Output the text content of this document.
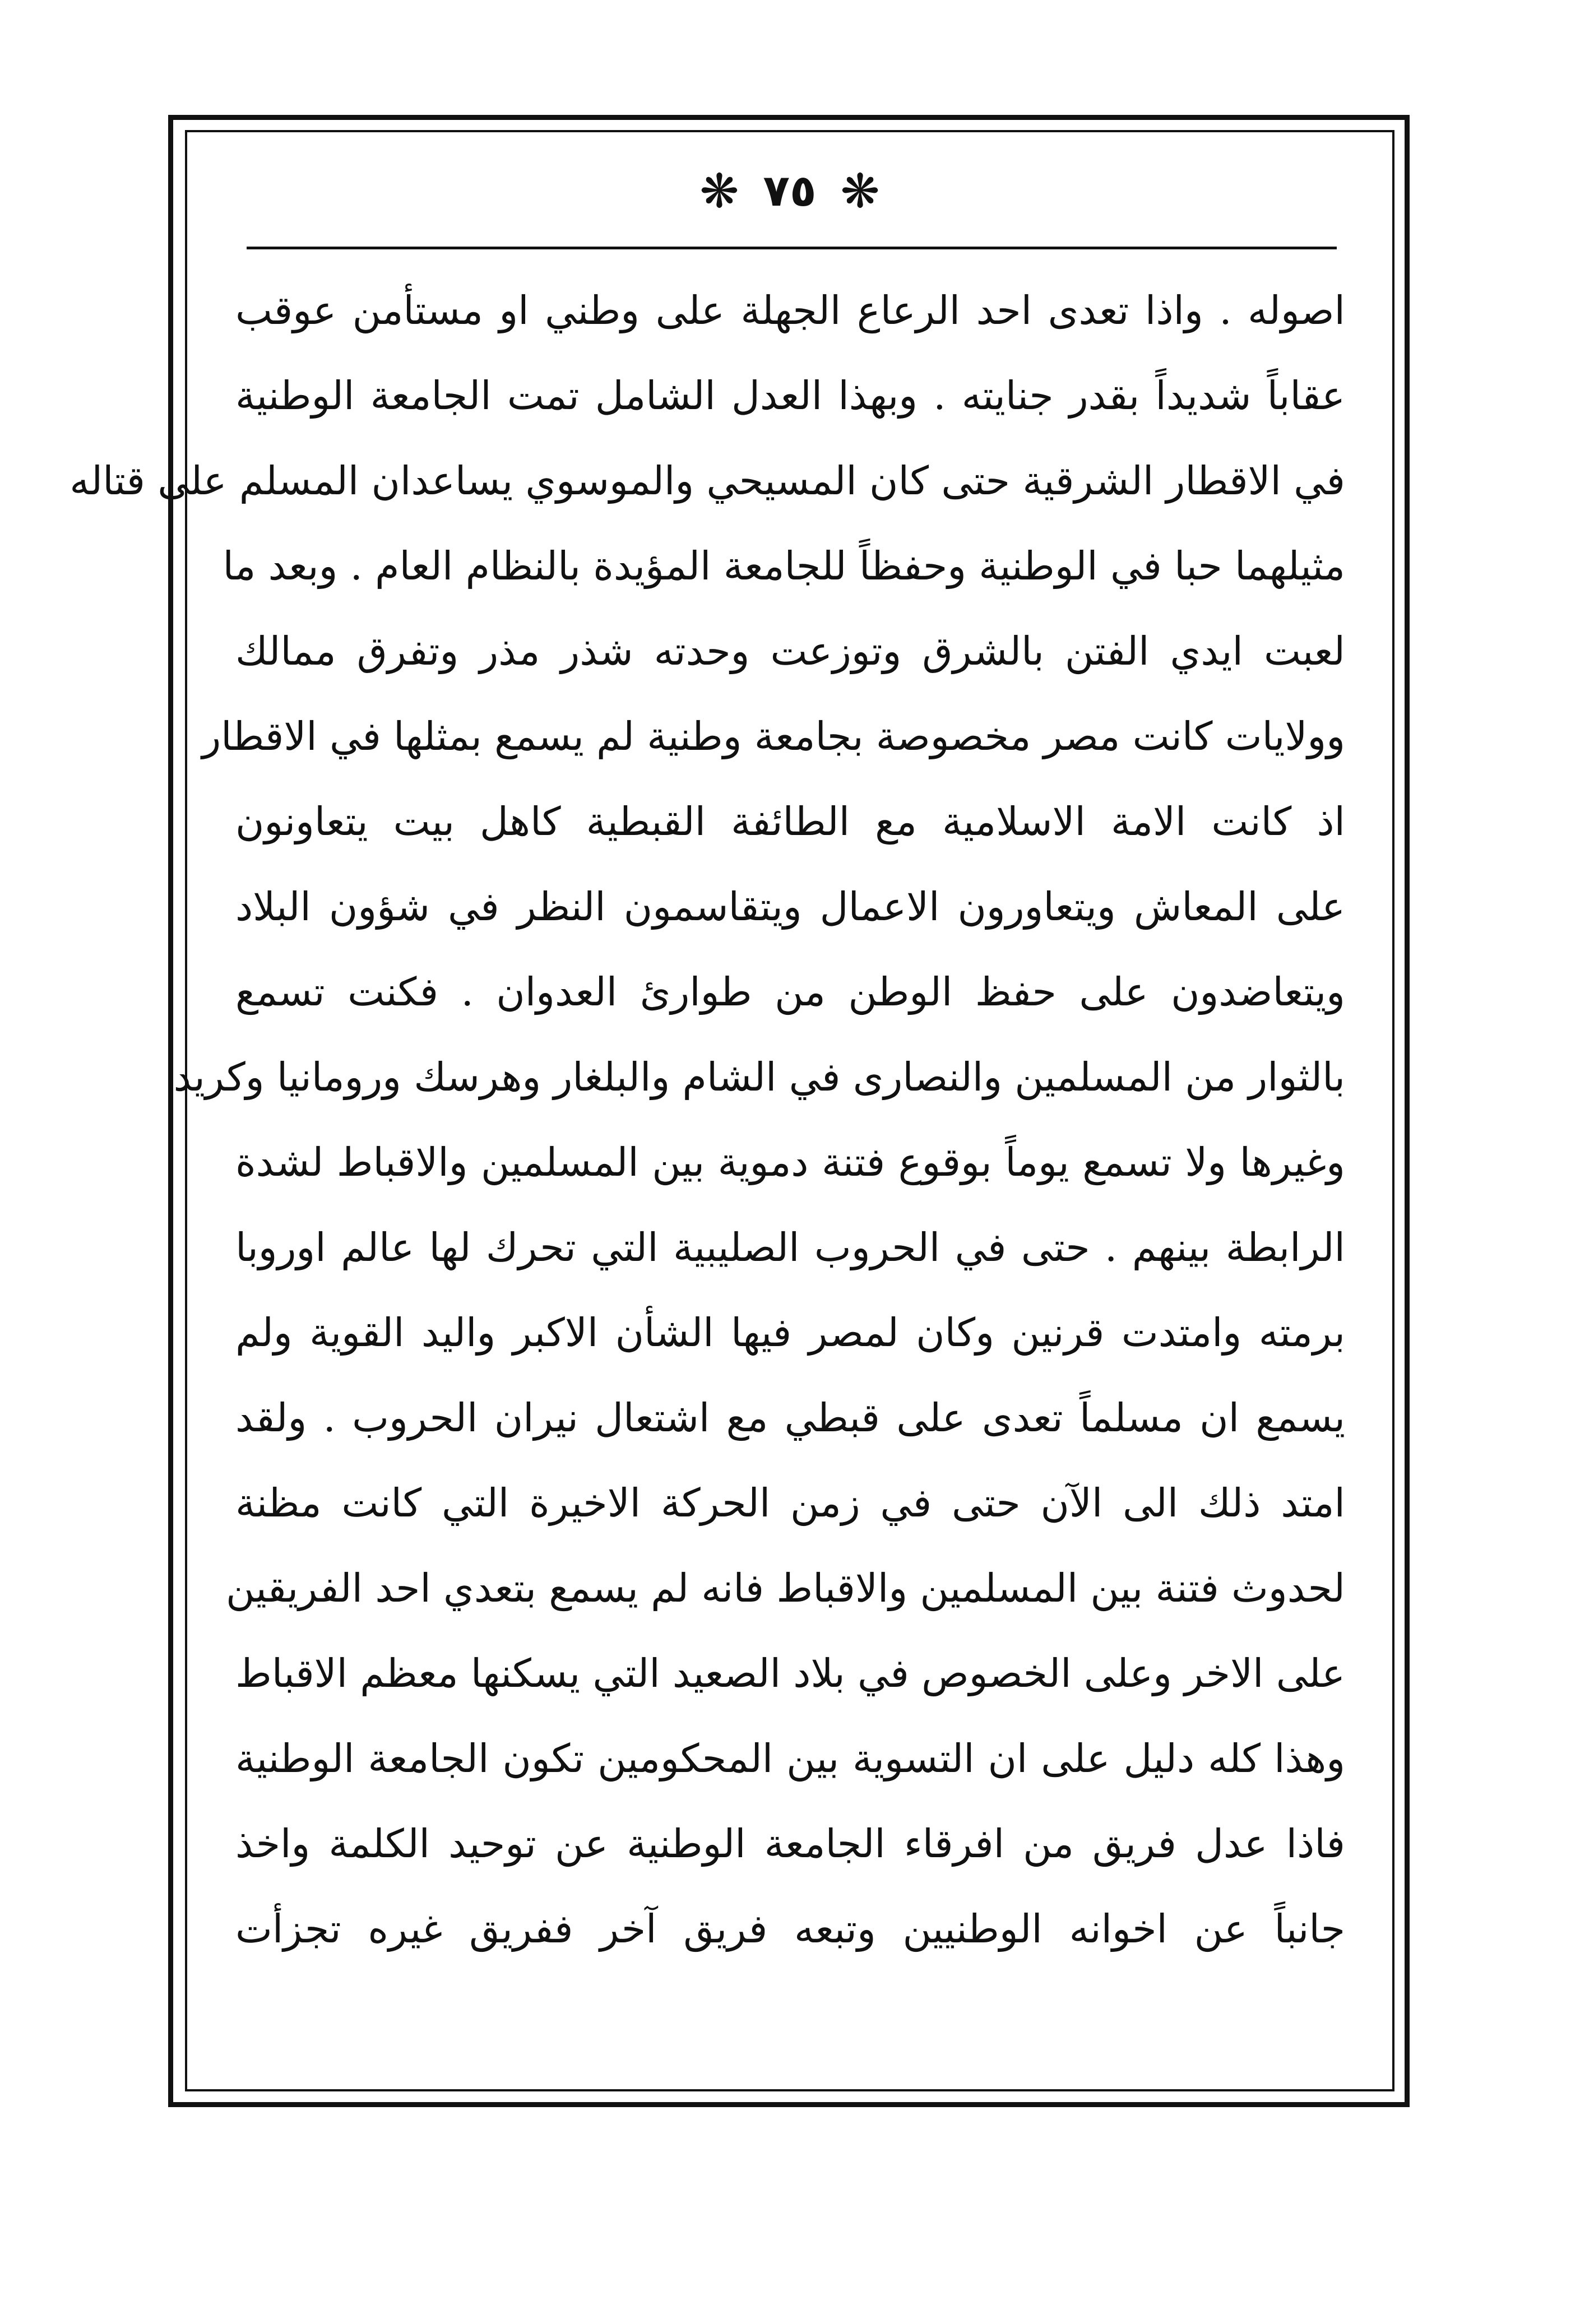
❋ ٧٥ ❋
اصوله . واذا تعدى احد الرعاع الجهلة على وطني او مستأمن عوقب
عقاباً شديداً بقدر جنايته . وبهذا العدل الشامل تمت الجامعة الوطنية
في الاقطار الشرقية حتى كان المسيحي والموسوي يساعدان المسلم على قتاله
مثيلهما حبا في الوطنية وحفظاً للجامعة المؤيدة بالنظام العام . وبعد ما
لعبت ايدي الفتن بالشرق وتوزعت وحدته شذر مذر وتفرق ممالك
وولايات كانت مصر مخصوصة بجامعة وطنية لم يسمع بمثلها في الاقطار
اذ كانت الامة الاسلامية مع الطائفة القبطية كاهل بيت يتعاونون
على المعاش ويتعاورون الاعمال ويتقاسمون النظر في شؤون البلاد
ويتعاضدون على حفظ الوطن من طوارئ العدوان . فكنت تسمع
بالثوار من المسلمين والنصارى في الشام والبلغار وهرسك ورومانيا وكريد
وغيرها ولا تسمع يوماً بوقوع فتنة دموية بين المسلمين والاقباط لشدة
الرابطة بينهم . حتى في الحروب الصليبية التي تحرك لها عالم اوروبا
برمته وامتدت قرنين وكان لمصر فيها الشأن الاكبر واليد القوية ولم
يسمع ان مسلماً تعدى على قبطي مع اشتعال نيران الحروب . ولقد
امتد ذلك الى الآن حتى في زمن الحركة الاخيرة التي كانت مظنة
لحدوث فتنة بين المسلمين والاقباط فانه لم يسمع بتعدي احد الفريقين
على الاخر وعلى الخصوص في بلاد الصعيد التي يسكنها معظم الاقباط
وهذا كله دليل على ان التسوية بين المحكومين تكون الجامعة الوطنية
فاذا عدل فريق من افرقاء الجامعة الوطنية عن توحيد الكلمة واخذ
جانباً عن اخوانه الوطنيين وتبعه فريق آخر ففريق غيره تجزأت
